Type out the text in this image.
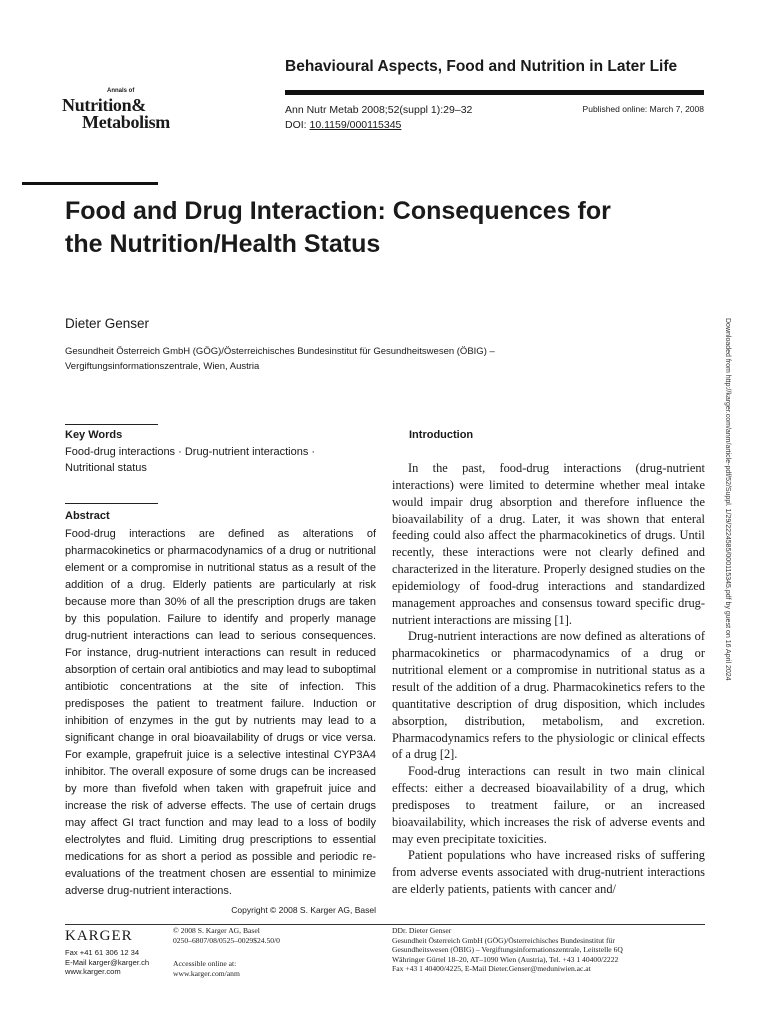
Behavioural Aspects, Food and Nutrition in Later Life
Annals of
Nutrition&
Metabolism
Ann Nutr Metab 2008;52(suppl 1):29–32
DOI: 10.1159/000115345
Published online: March 7, 2008
Food and Drug Interaction: Consequences for the Nutrition/Health Status
Dieter Genser
Gesundheit Österreich GmbH (GÖG)/Österreichisches Bundesinstitut für Gesundheitswesen (ÖBIG) – Vergiftungsinformationszentrale, Wien, Austria
Key Words
Food-drug interactions · Drug-nutrient interactions · Nutritional status
Abstract
Food-drug interactions are defined as alterations of pharmacokinetics or pharmacodynamics of a drug or nutritional element or a compromise in nutritional status as a result of the addition of a drug. Elderly patients are particularly at risk because more than 30% of all the prescription drugs are taken by this population. Failure to identify and properly manage drug-nutrient interactions can lead to serious consequences. For instance, drug-nutrient interactions can result in reduced absorption of certain oral antibiotics and may lead to suboptimal antibiotic concentrations at the site of infection. This predisposes the patient to treatment failure. Induction or inhibition of enzymes in the gut by nutrients may lead to a significant change in oral bioavailability of drugs or vice versa. For example, grapefruit juice is a selective intestinal CYP3A4 inhibitor. The overall exposure of some drugs can be increased by more than fivefold when taken with grapefruit juice and increase the risk of adverse effects. The use of certain drugs may affect GI tract function and may lead to a loss of bodily electrolytes and fluid. Limiting drug prescriptions to essential medications for as short a period as possible and periodic re-evaluations of the treatment chosen are essential to minimize adverse drug-nutrient interactions.
Copyright © 2008 S. Karger AG, Basel
Introduction

In the past, food-drug interactions (drug-nutrient interactions) were limited to determine whether meal intake would impair drug absorption and therefore influence the bioavailability of a drug. Later, it was shown that enteral feeding could also affect the pharmacokinetics of drugs. Until recently, these interactions were not clearly defined and characterized in the literature. Properly designed studies on the epidemiology of food-drug interactions and standardized management approaches and consensus toward specific drug-nutrient interactions are missing [1].

Drug-nutrient interactions are now defined as alterations of pharmacokinetics or pharmacodynamics of a drug or nutritional element or a compromise in nutritional status as a result of the addition of a drug. Pharmacokinetics refers to the quantitative description of drug disposition, which includes absorption, distribution, metabolism, and excretion. Pharmacodynamics refers to the physiologic or clinical effects of a drug [2].

Food-drug interactions can result in two main clinical effects: either a decreased bioavailability of a drug, which predisposes to treatment failure, or an increased bioavailability, which increases the risk of adverse events and may even precipitate toxicities.

Patient populations who have increased risks of suffering from adverse events associated with drug-nutrient interactions are elderly patients, patients with cancer and/

Downloaded from http://karger.com/anm/article-pdf/52/Suppl. 1/29/2224585/000115345.pdf by guest on 16 April 2024
KARGER
Fax +41 61 306 12 34
E-Mail karger@karger.ch
www.karger.com
© 2008 S. Karger AG, Basel
0250–6807/08/0525–0029$24.50/0
Accessible online at:
www.karger.com/anm
DDr. Dieter Genser
Gesundheit Österreich GmbH (GÖG)/Österreichisches Bundesinstitut für
Gesundheitswesen (ÖBIG) – Vergiftungsinformationszentrale, Leitstelle 6Q
Währinger Gürtel 18–20, AT–1090 Wien (Austria), Tel. +43 1 40400/2222
Fax +43 1 40400/4225, E-Mail Dieter.Genser@meduniwien.ac.at
